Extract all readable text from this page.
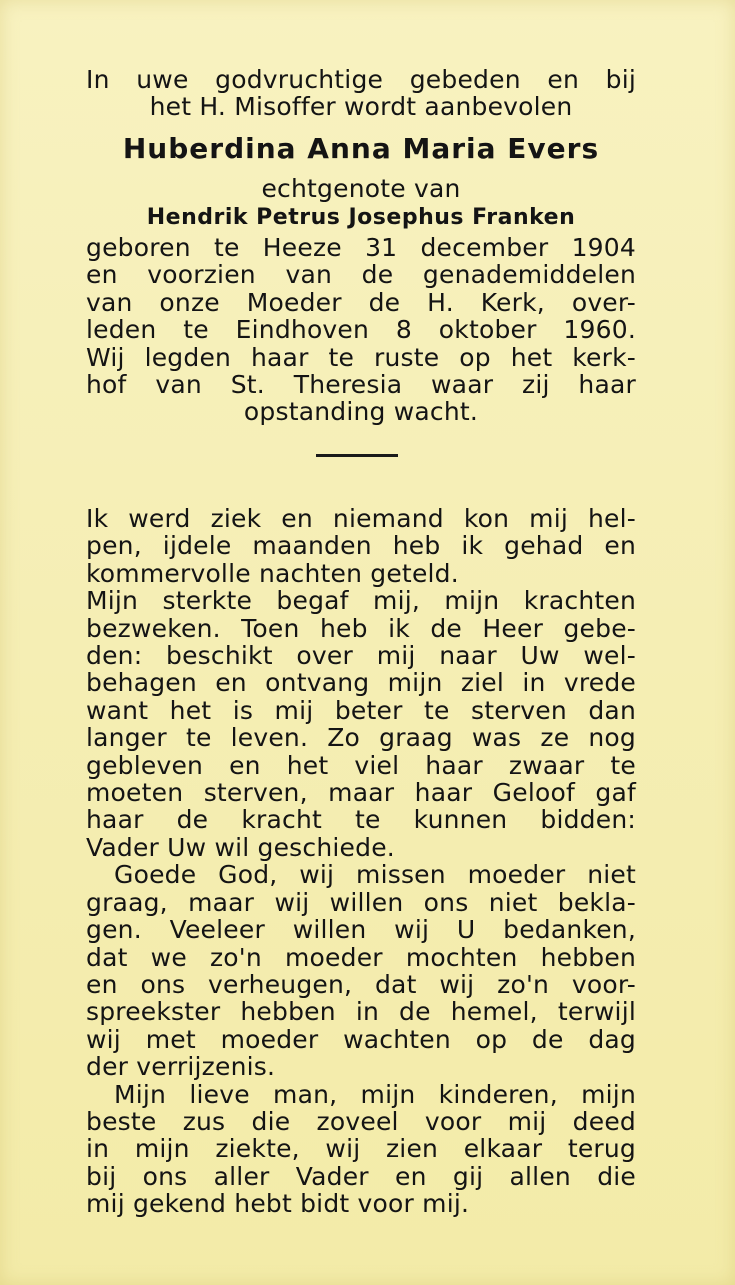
In uwe godvruchtige gebeden en bij
het H. Misoffer wordt aanbevolen
Huberdina Anna Maria Evers
echtgenote van
Hendrik Petrus Josephus Franken
geboren te Heeze 31 december 1904
en voorzien van de genademiddelen
van onze Moeder de H. Kerk, over-
leden te Eindhoven 8 oktober 1960.
Wij legden haar te ruste op het kerk-
hof van St. Theresia waar zij haar
opstanding wacht.
Ik werd ziek en niemand kon mij hel-
pen, ijdele maanden heb ik gehad en
kommervolle nachten geteld.
Mijn sterkte begaf mij, mijn krachten
bezweken. Toen heb ik de Heer gebe-
den: beschikt over mij naar Uw wel-
behagen en ontvang mijn ziel in vrede
want het is mij beter te sterven dan
langer te leven. Zo graag was ze nog
gebleven en het viel haar zwaar te
moeten sterven, maar haar Geloof gaf
haar de kracht te kunnen bidden:
Vader Uw wil geschiede.
Goede God, wij missen moeder niet
graag, maar wij willen ons niet bekla-
gen. Veeleer willen wij U bedanken,
dat we zo'n moeder mochten hebben
en ons verheugen, dat wij zo'n voor-
spreekster hebben in de hemel, terwijl
wij met moeder wachten op de dag
der verrijzenis.
Mijn lieve man, mijn kinderen, mijn
beste zus die zoveel voor mij deed
in mijn ziekte, wij zien elkaar terug
bij ons aller Vader en gij allen die
mij gekend hebt bidt voor mij.
